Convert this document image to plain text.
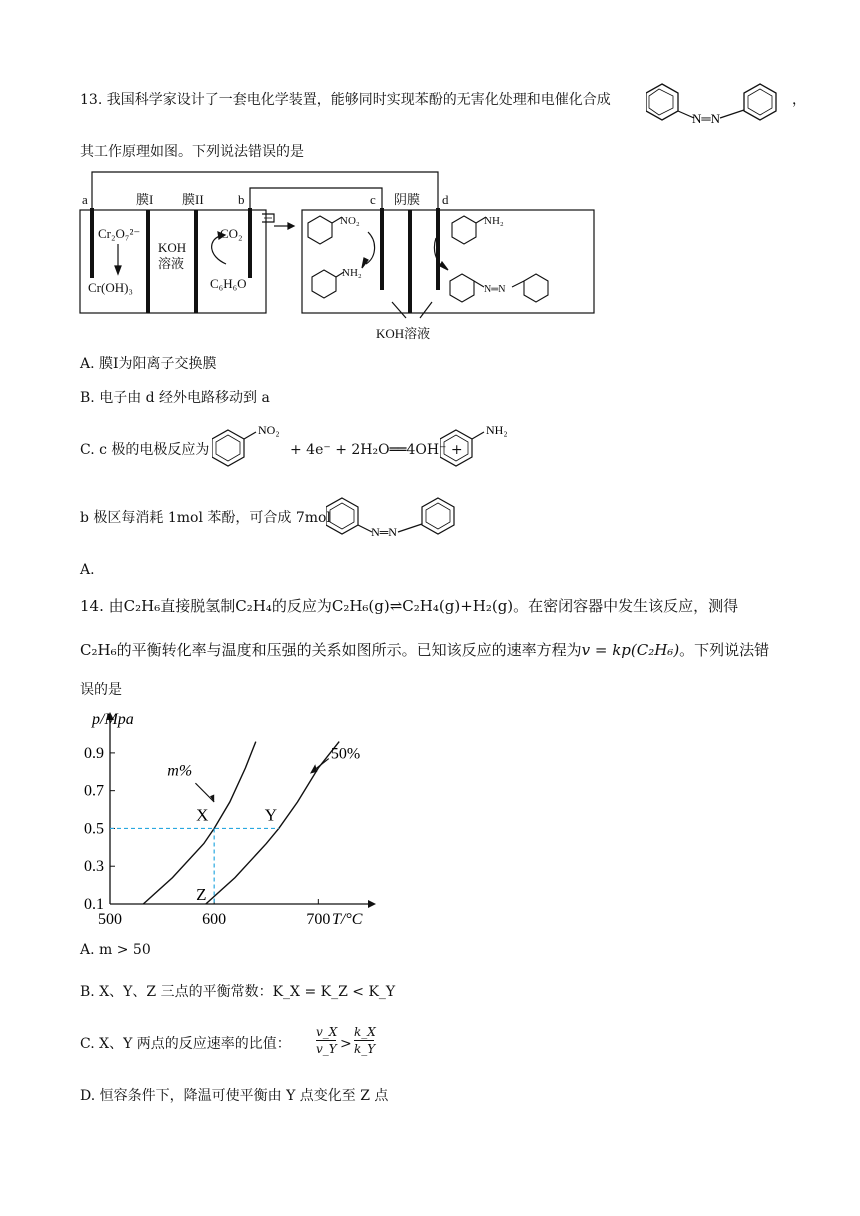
13. 我国科学家设计了一套电化学装置，能够同时实现苯酚的无害化处理和电催化合成
N═N
，
其工作原理如图。下列说法错误的是
a	膜I 膜II	b	c 阴膜 d
Cr₂O₇²⁻
Cr(OH)₃
KOH
溶液
CO₂
C₆H₆O
NO₂
NH₂
NH₂
N═N
KOH溶液
A. 膜Ⅰ为阳离子交换膜
B. 电子由 d 经外电路移动到 a
C. c 极的电极反应为
NO₂
+ 4e⁻ + 2H₂O══4OH⁻ +
NH₂
b 极区每消耗 1mol 苯酚，可合成 7mol
N═N
A.
14. 由C₂H₆直接脱氢制C₂H₄的反应为C₂H₆(g)⇌C₂H₄(g)+H₂(g)。在密闭容器中发生该反应，测得
C₂H₆的平衡转化率与温度和压强的关系如图所示。已知该反应的速率方程为v = kp(C₂H₆)。下列说法错
误的是
p/Mpa
T/°C
500	600	700
0.1
0.3
0.5
0.7
0.9
X	Y
Z
m%
50%
A. m > 50
B. X、Y、Z 三点的平衡常数：K_X = K_Z < K_Y
C. X、Y 两点的反应速率的比值： $\frac{v\_X}{v\_Y} > \frac{k\_X}{k\_Y}$
D. 恒容条件下，降温可使平衡由 Y 点变化至 Z 点
